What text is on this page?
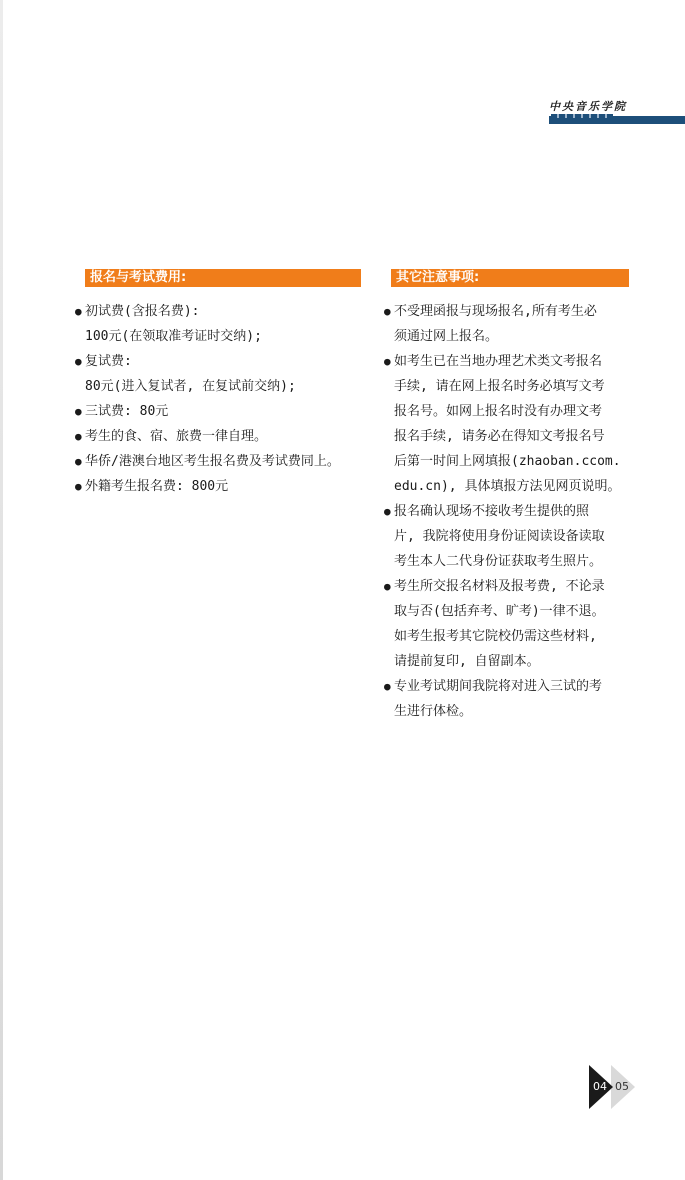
中央音乐学院
报名与考试费用:	其它注意事项:
● 初试费(含报名费):
100元(在领取准考证时交纳);
● 复试费:
80元(进入复试者, 在复试前交纳);
● 三试费: 80元
● 考生的食、宿、旅费一律自理。
● 华侨/港澳台地区考生报名费及考试费同上。
● 外籍考生报名费: 800元
● 不受理函报与现场报名,所有考生必
须通过网上报名。
● 如考生已在当地办理艺术类文考报名
手续, 请在网上报名时务必填写文考
报名号。如网上报名时没有办理文考
报名手续, 请务必在得知文考报名号
后第一时间上网填报(zhaoban.ccom.
edu.cn), 具体填报方法见网页说明。
● 报名确认现场不接收考生提供的照
片, 我院将使用身份证阅读设备读取
考生本人二代身份证获取考生照片。
● 考生所交报名材料及报考费, 不论录
取与否(包括弃考、旷考)一律不退。
如考生报考其它院校仍需这些材料,
请提前复印, 自留副本。
● 专业考试期间我院将对进入三试的考
生进行体检。
04 05
